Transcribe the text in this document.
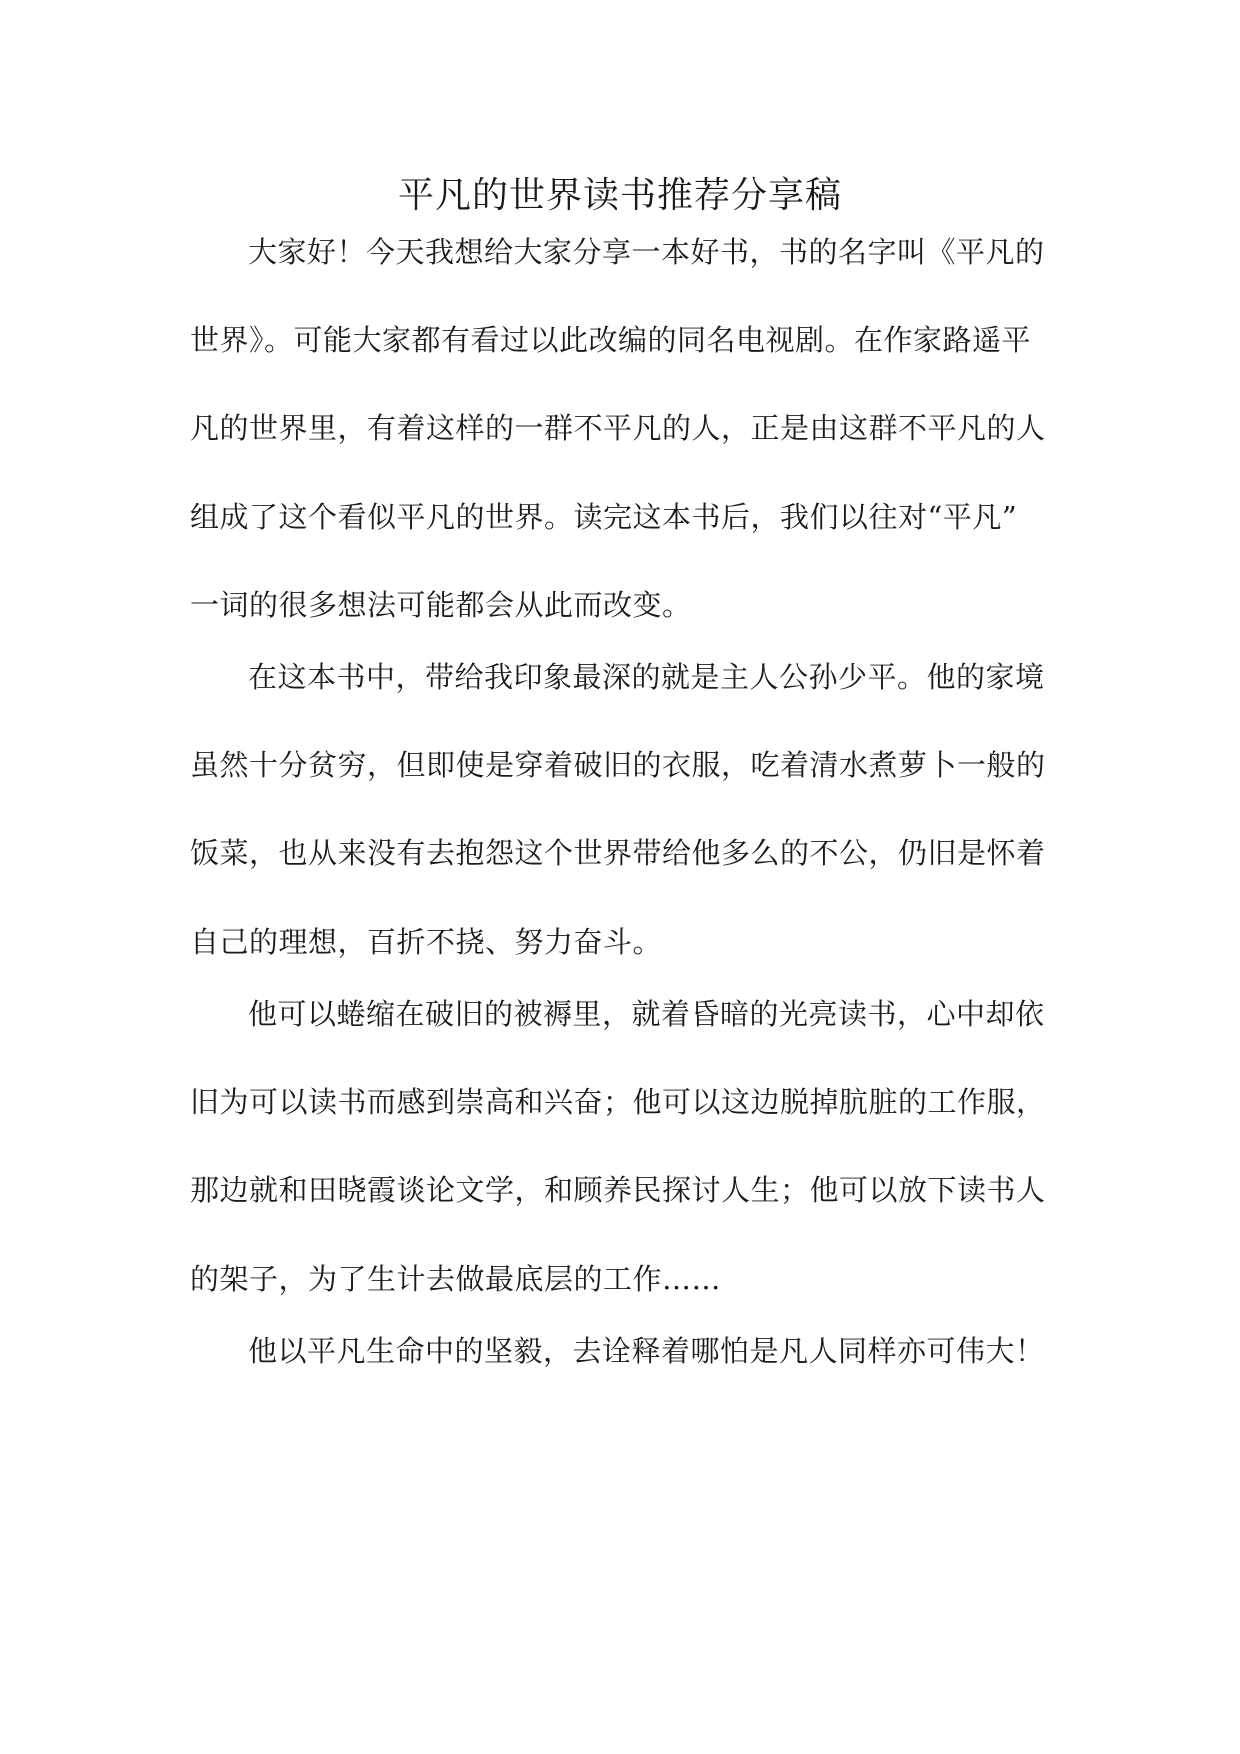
平凡的世界读书推荐分享稿
大家好！今天我想给大家分享一本好书，书的名字叫《平凡的
世界》。可能大家都有看过以此改编的同名电视剧。在作家路遥平
凡的世界里，有着这样的一群不平凡的人，正是由这群不平凡的人
组成了这个看似平凡的世界。读完这本书后，我们以往对“平凡”
一词的很多想法可能都会从此而改变。
在这本书中，带给我印象最深的就是主人公孙少平。他的家境
虽然十分贫穷，但即使是穿着破旧的衣服，吃着清水煮萝卜一般的
饭菜，也从来没有去抱怨这个世界带给他多么的不公，仍旧是怀着
自己的理想，百折不挠、努力奋斗。
他可以蜷缩在破旧的被褥里，就着昏暗的光亮读书，心中却依
旧为可以读书而感到崇高和兴奋；他可以这边脱掉肮脏的工作服，
那边就和田晓霞谈论文学，和顾养民探讨人生；他可以放下读书人
的架子，为了生计去做最底层的工作……
他以平凡生命中的坚毅，去诠释着哪怕是凡人同样亦可伟大！
